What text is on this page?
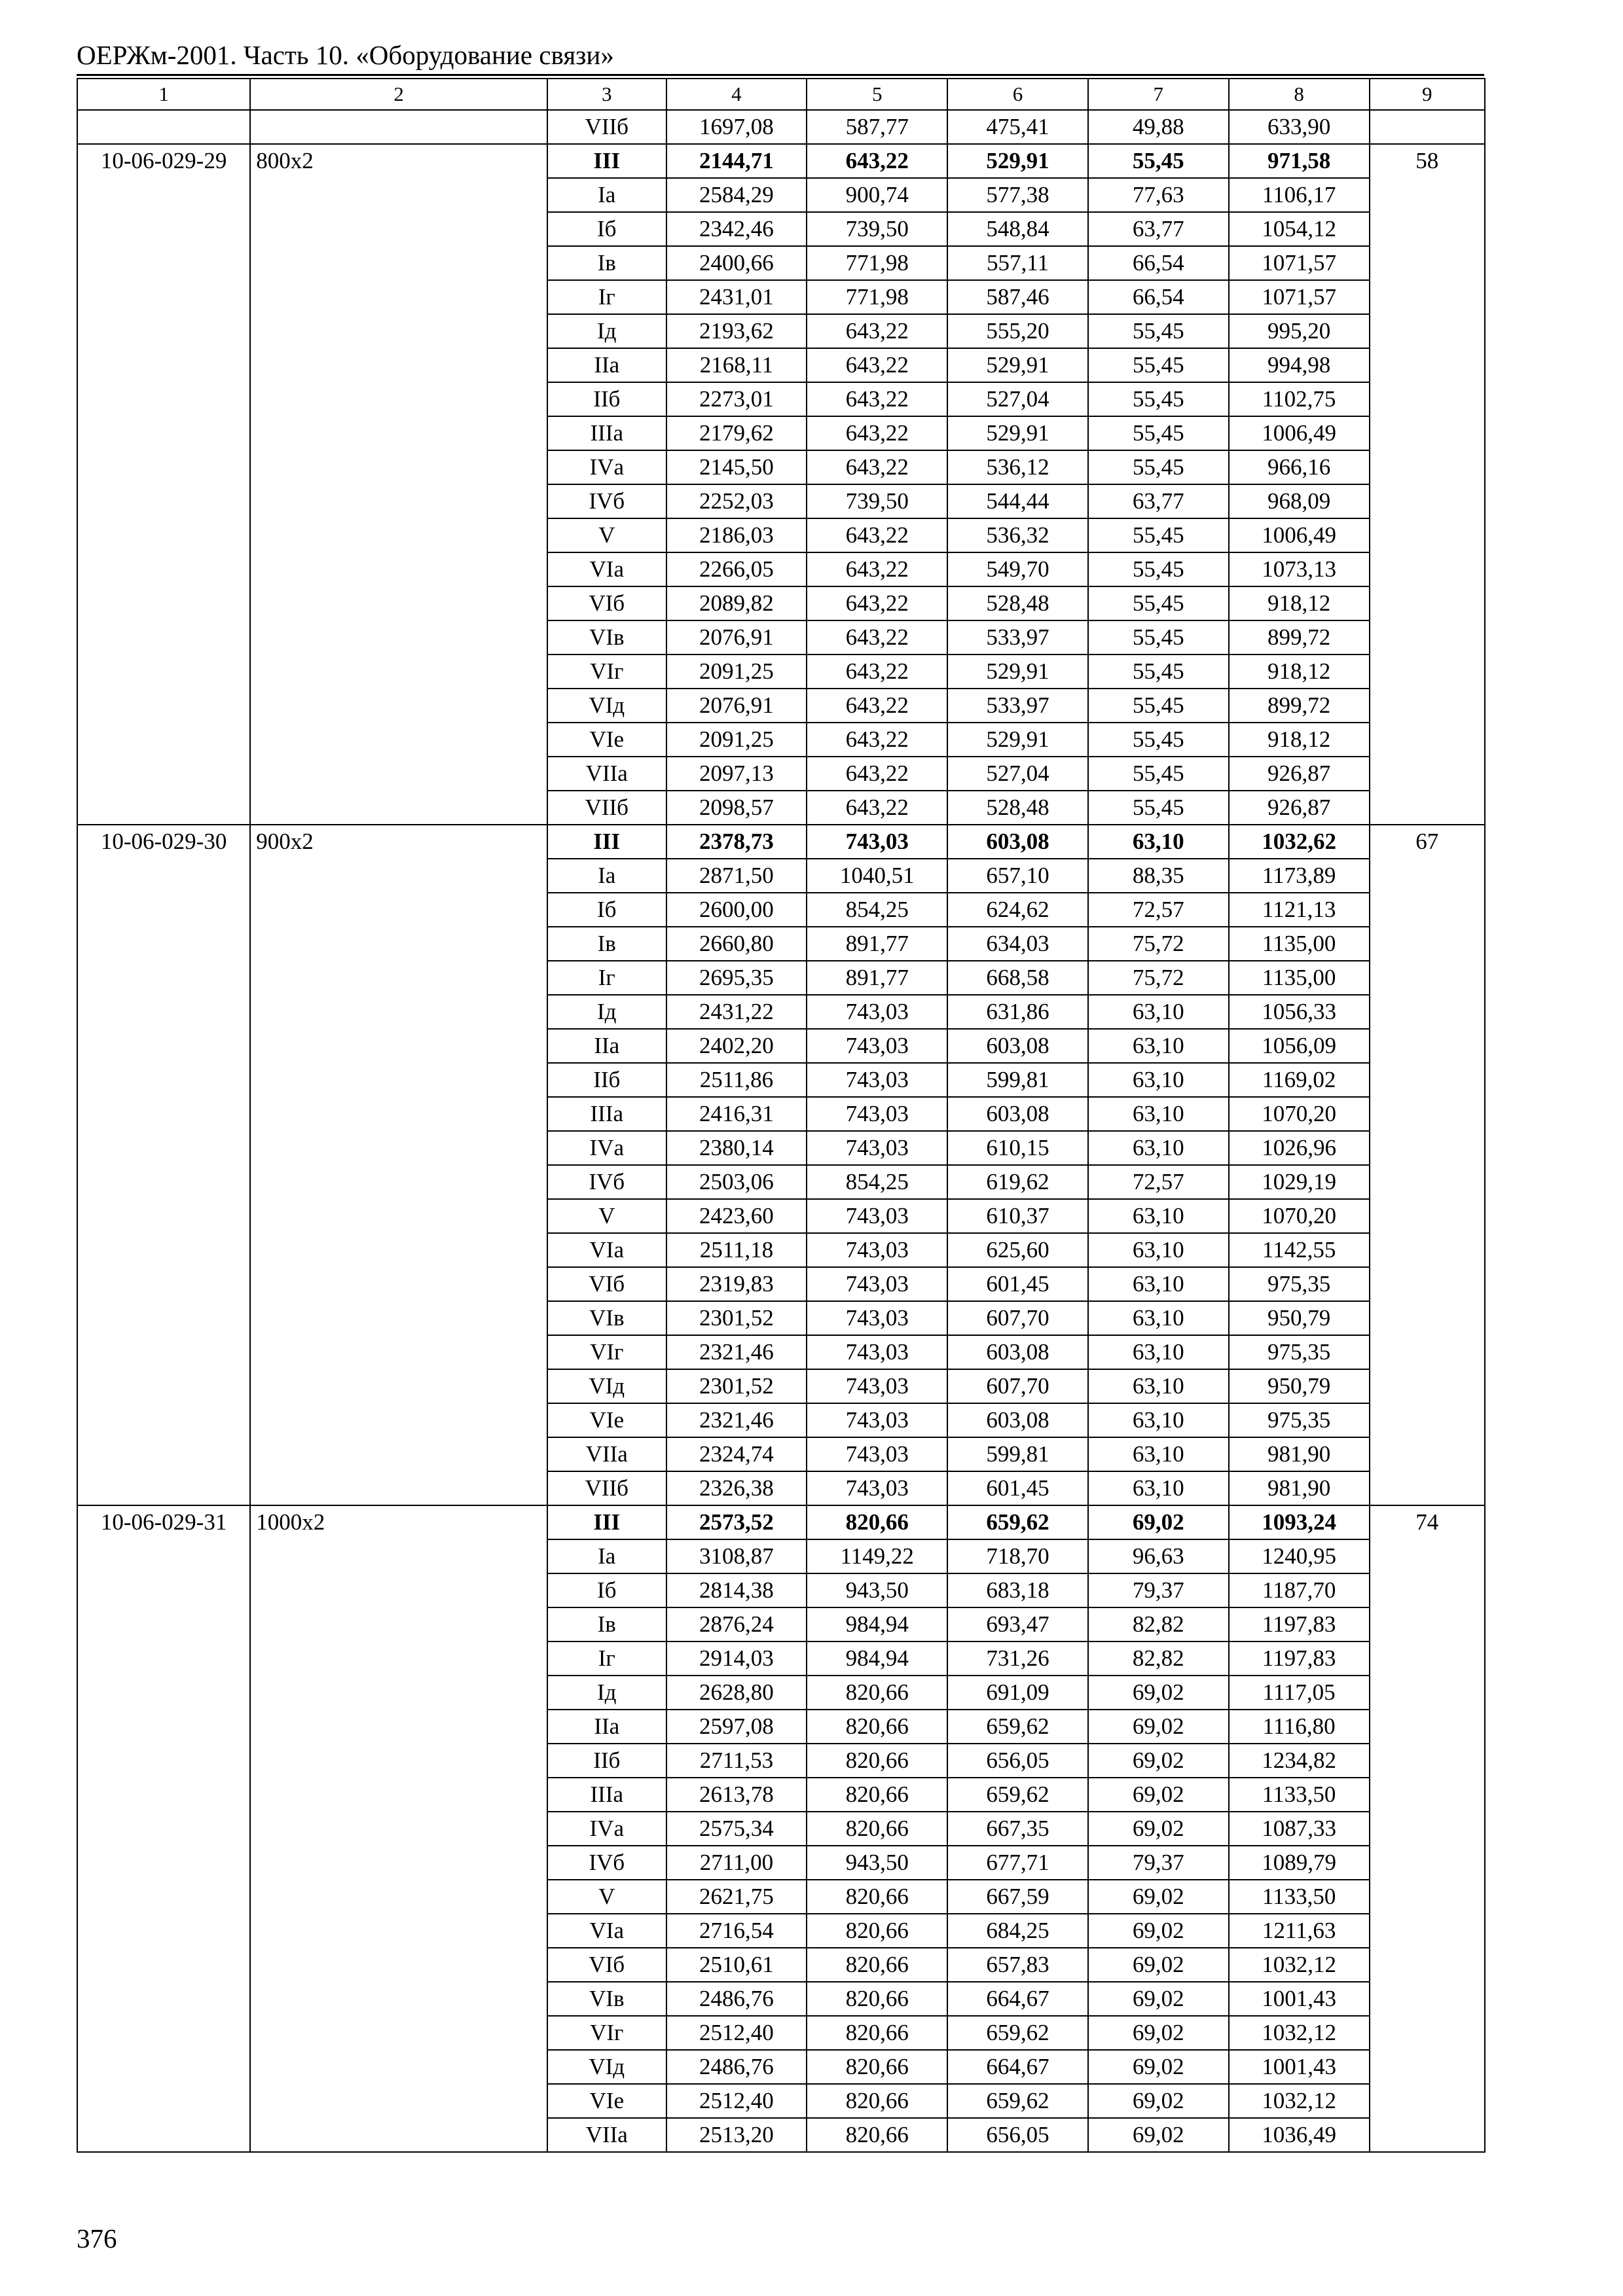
ОЕРЖм-2001. Часть 10. «Оборудование связи»
1	2	3	4	5	6	7	8	9
		VIIб	1697,08	587,77	475,41	49,88	633,90	
10-06-029-29	800x2	III	2144,71	643,22	529,91	55,45	971,58	58
		Iа	2584,29	900,74	577,38	77,63	1106,17	
		Iб	2342,46	739,50	548,84	63,77	1054,12	
		Iв	2400,66	771,98	557,11	66,54	1071,57	
		Iг	2431,01	771,98	587,46	66,54	1071,57	
		Iд	2193,62	643,22	555,20	55,45	995,20	
		IIа	2168,11	643,22	529,91	55,45	994,98	
		IIб	2273,01	643,22	527,04	55,45	1102,75	
		IIIа	2179,62	643,22	529,91	55,45	1006,49	
		IVа	2145,50	643,22	536,12	55,45	966,16	
		IVб	2252,03	739,50	544,44	63,77	968,09	
		V	2186,03	643,22	536,32	55,45	1006,49	
		VIа	2266,05	643,22	549,70	55,45	1073,13	
		VIб	2089,82	643,22	528,48	55,45	918,12	
		VIв	2076,91	643,22	533,97	55,45	899,72	
		VIг	2091,25	643,22	529,91	55,45	918,12	
		VIд	2076,91	643,22	533,97	55,45	899,72	
		VIе	2091,25	643,22	529,91	55,45	918,12	
		VIIа	2097,13	643,22	527,04	55,45	926,87	
		VIIб	2098,57	643,22	528,48	55,45	926,87	
10-06-029-30	900x2	III	2378,73	743,03	603,08	63,10	1032,62	67
		Iа	2871,50	1040,51	657,10	88,35	1173,89	
		Iб	2600,00	854,25	624,62	72,57	1121,13	
		Iв	2660,80	891,77	634,03	75,72	1135,00	
		Iг	2695,35	891,77	668,58	75,72	1135,00	
		Iд	2431,22	743,03	631,86	63,10	1056,33	
		IIа	2402,20	743,03	603,08	63,10	1056,09	
		IIб	2511,86	743,03	599,81	63,10	1169,02	
		IIIа	2416,31	743,03	603,08	63,10	1070,20	
		IVа	2380,14	743,03	610,15	63,10	1026,96	
		IVб	2503,06	854,25	619,62	72,57	1029,19	
		V	2423,60	743,03	610,37	63,10	1070,20	
		VIа	2511,18	743,03	625,60	63,10	1142,55	
		VIб	2319,83	743,03	601,45	63,10	975,35	
		VIв	2301,52	743,03	607,70	63,10	950,79	
		VIг	2321,46	743,03	603,08	63,10	975,35	
		VIд	2301,52	743,03	607,70	63,10	950,79	
		VIе	2321,46	743,03	603,08	63,10	975,35	
		VIIа	2324,74	743,03	599,81	63,10	981,90	
		VIIб	2326,38	743,03	601,45	63,10	981,90	
10-06-029-31	1000x2	III	2573,52	820,66	659,62	69,02	1093,24	74
		Iа	3108,87	1149,22	718,70	96,63	1240,95	
		Iб	2814,38	943,50	683,18	79,37	1187,70	
		Iв	2876,24	984,94	693,47	82,82	1197,83	
		Iг	2914,03	984,94	731,26	82,82	1197,83	
		Iд	2628,80	820,66	691,09	69,02	1117,05	
		IIа	2597,08	820,66	659,62	69,02	1116,80	
		IIб	2711,53	820,66	656,05	69,02	1234,82	
		IIIа	2613,78	820,66	659,62	69,02	1133,50	
		IVа	2575,34	820,66	667,35	69,02	1087,33	
		IVб	2711,00	943,50	677,71	79,37	1089,79	
		V	2621,75	820,66	667,59	69,02	1133,50	
		VIа	2716,54	820,66	684,25	69,02	1211,63	
		VIб	2510,61	820,66	657,83	69,02	1032,12	
		VIв	2486,76	820,66	664,67	69,02	1001,43	
		VIг	2512,40	820,66	659,62	69,02	1032,12	
		VIд	2486,76	820,66	664,67	69,02	1001,43	
		VIе	2512,40	820,66	659,62	69,02	1032,12	
		VIIа	2513,20	820,66	656,05	69,02	1036,49	
376
